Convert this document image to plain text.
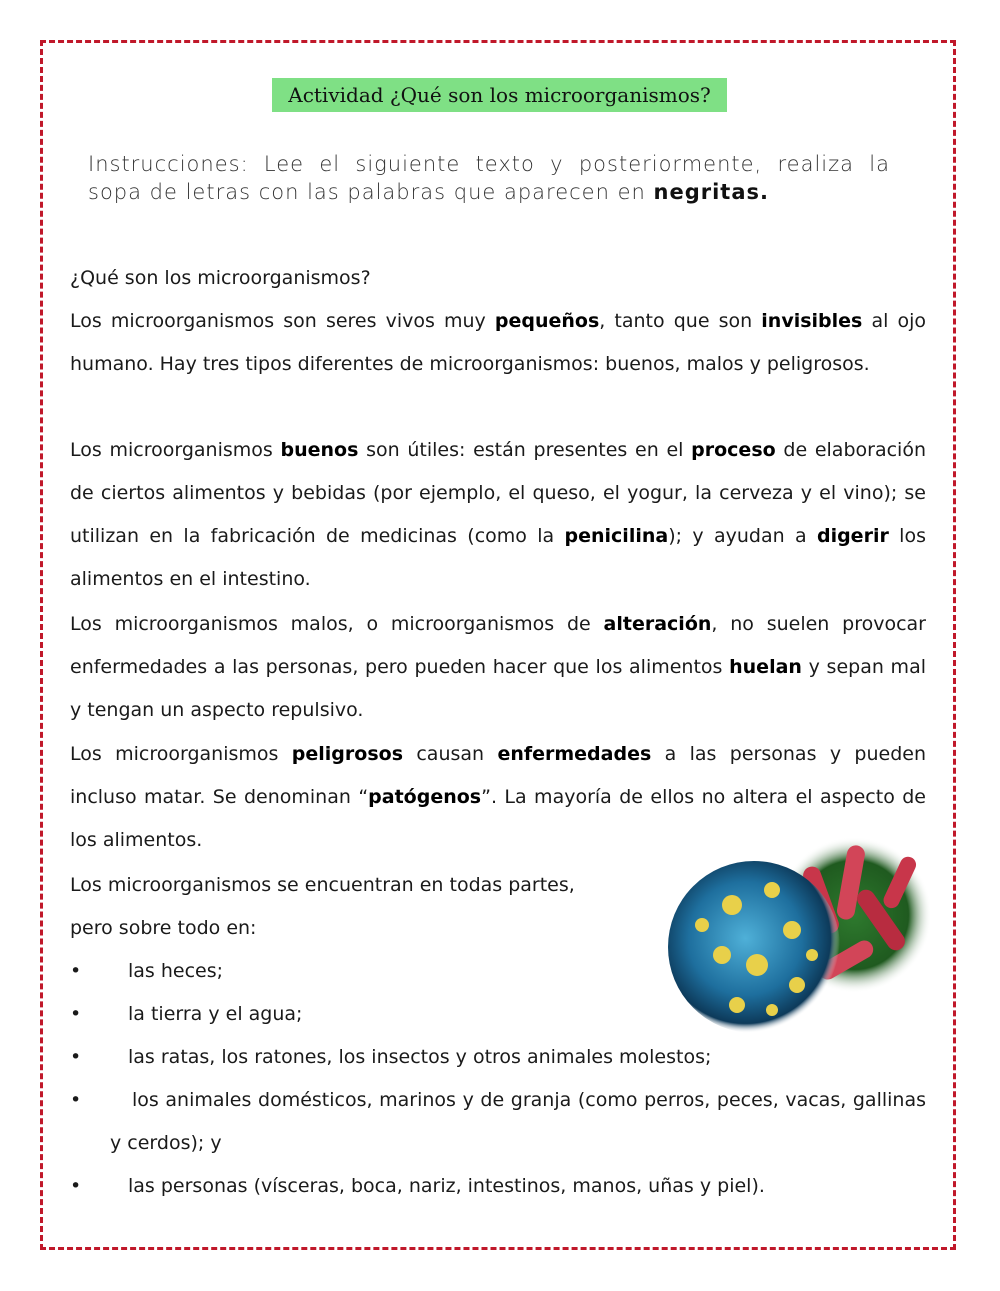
Actividad ¿Qué son los microorganismos?
Instrucciones: Lee el siguiente texto y posteriormente, realiza la sopa de letras con las palabras que aparecen en negritas.

¿Qué son los microorganismos?

Los microorganismos son seres vivos muy pequeños, tanto que son invisibles al ojo humano. Hay tres tipos diferentes de microorganismos: buenos, malos y peligrosos.

Los microorganismos buenos son útiles: están presentes en el proceso de elaboración de ciertos alimentos y bebidas (por ejemplo, el queso, el yogur, la cerveza y el vino); se utilizan en la fabricación de medicinas (como la penicilina); y ayudan a digerir los alimentos en el intestino.

Los microorganismos malos, o microorganismos de alteración, no suelen provocar enfermedades a las personas, pero pueden hacer que los alimentos huelan y sepan mal y tengan un aspecto repulsivo.

Los microorganismos peligrosos causan enfermedades a las personas y pueden incluso matar. Se denominan “patógenos”. La mayoría de ellos no altera el aspecto de los alimentos.

Los microorganismos se encuentran en todas partes,

pero sobre todo en:

•	las heces;
•	la tierra y el agua;
•	las ratas, los ratones, los insectos y otros animales molestos;
•	los animales domésticos, marinos y de granja (como perros, peces, vacas, gallinas y cerdos); y
•	las personas (vísceras, boca, nariz, intestinos, manos, uñas y piel).
